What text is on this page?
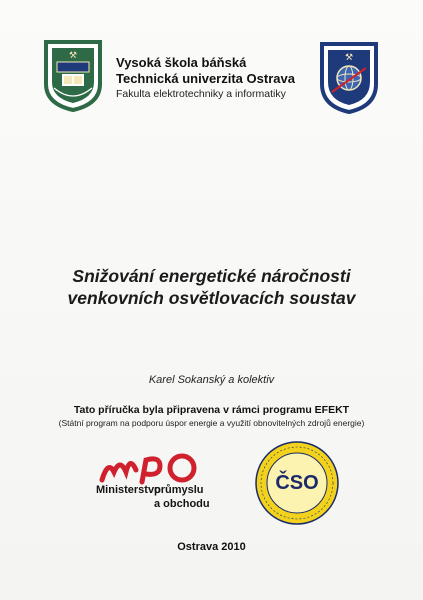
⚒	Vysoká škola báňská
Technická univerzita Ostrava
Fakulta elektrotechniky a informatiky
⚒
Snižování energetické náročnosti
venkovních osvětlovacích soustav
Karel Sokanský a kolektiv
Tato příručka byla připravena v rámci programu EFEKT
(Státní program na podporu úspor energie a využití obnovitelných zdrojů energie)
Ministerstvo
průmyslu
a obchodu
ČSO
Ostrava 2010
